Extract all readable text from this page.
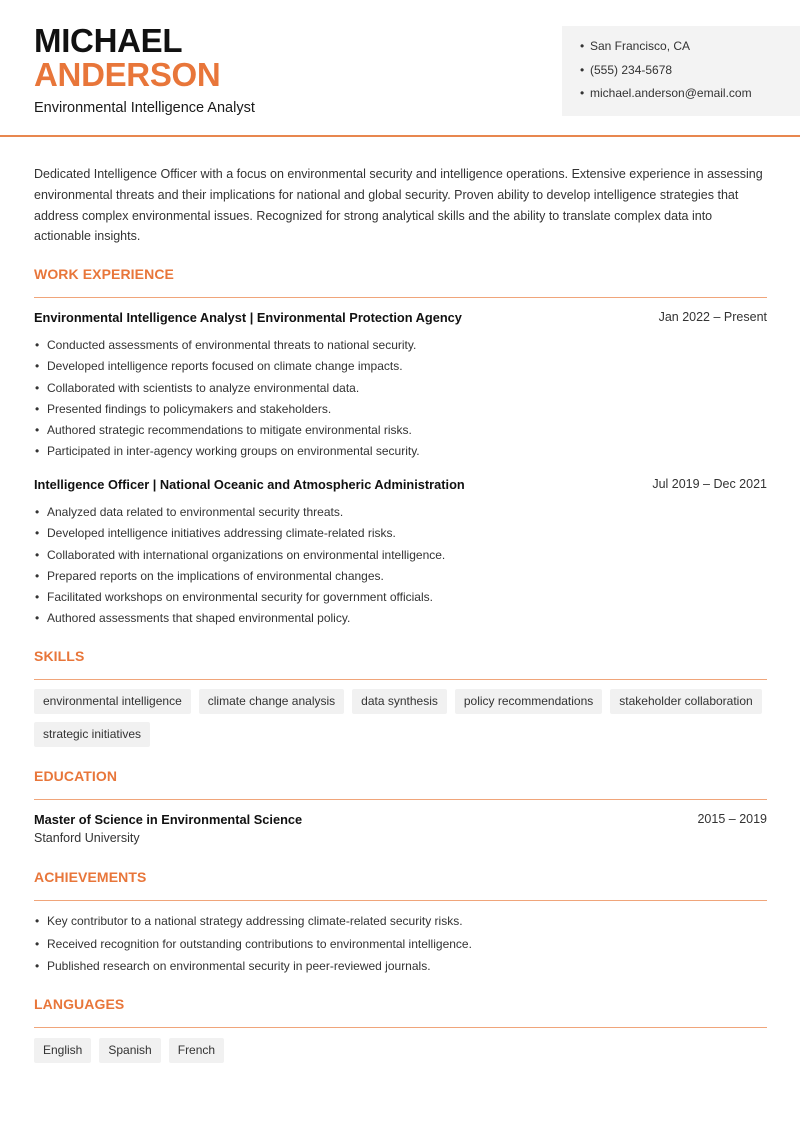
MICHAEL
ANDERSON
Environmental Intelligence Analyst
• San Francisco, CA
• (555) 234-5678
• michael.anderson@email.com

Dedicated Intelligence Officer with a focus on environmental security and intelligence operations. Extensive experience in assessing environmental threats and their implications for national and global security. Proven ability to develop intelligence strategies that address complex environmental issues. Recognized for strong analytical skills and the ability to translate complex data into actionable insights.

WORK EXPERIENCE
Environmental Intelligence Analyst | Environmental Protection Agency	Jan 2022 – Present
• Conducted assessments of environmental threats to national security.
• Developed intelligence reports focused on climate change impacts.
• Collaborated with scientists to analyze environmental data.
• Presented findings to policymakers and stakeholders.
• Authored strategic recommendations to mitigate environmental risks.
• Participated in inter-agency working groups on environmental security.
Intelligence Officer | National Oceanic and Atmospheric Administration	Jul 2019 – Dec 2021
• Analyzed data related to environmental security threats.
• Developed intelligence initiatives addressing climate-related risks.
• Collaborated with international organizations on environmental intelligence.
• Prepared reports on the implications of environmental changes.
• Facilitated workshops on environmental security for government officials.
• Authored assessments that shaped environmental policy.
SKILLS
environmental intelligence	climate change analysis	data synthesis	policy recommendations	stakeholder collaboration
strategic initiatives
EDUCATION
Master of Science in Environmental Science	2015 – 2019
Stanford University
ACHIEVEMENTS
• Key contributor to a national strategy addressing climate-related security risks.
• Received recognition for outstanding contributions to environmental intelligence.
• Published research on environmental security in peer-reviewed journals.
LANGUAGES
English	Spanish	French
